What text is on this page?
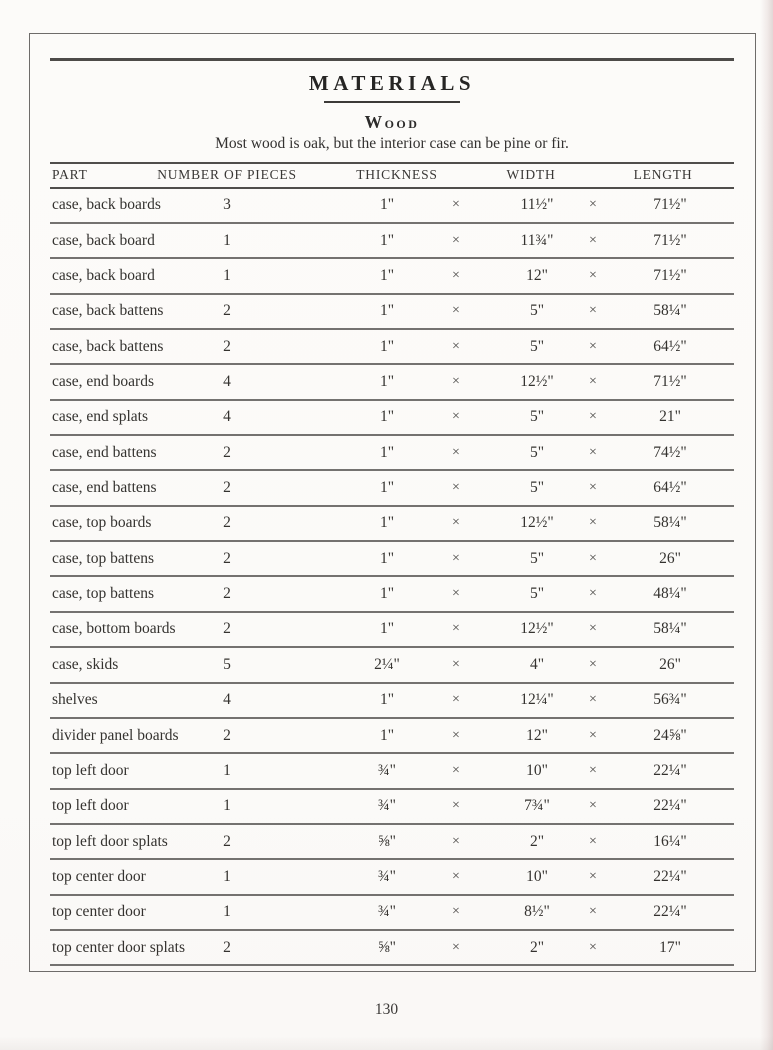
MATERIALS
Wood
Most wood is oak, but the interior case can be pine or fir.
PART	NUMBER OF PIECES	THICKNESS	WIDTH	LENGTH
case, back boards	3	1"	×	11½"	×	71½"
case, back board	1	1"	×	11¾"	×	71½"
case, back board	1	1"	×	12"	×	71½"
case, back battens	2	1"	×	5"	×	58¼"
case, back battens	2	1"	×	5"	×	64½"
case, end boards	4	1"	×	12½"	×	71½"
case, end splats	4	1"	×	5"	×	21"
case, end battens	2	1"	×	5"	×	74½"
case, end battens	2	1"	×	5"	×	64½"
case, top boards	2	1"	×	12½"	×	58¼"
case, top battens	2	1"	×	5"	×	26"
case, top battens	2	1"	×	5"	×	48¼"
case, bottom boards	2	1"	×	12½"	×	58¼"
case, skids	5	2¼"	×	4"	×	26"
shelves	4	1"	×	12¼"	×	56¾"
divider panel boards	2	1"	×	12"	×	24⅝"
top left door	1	¾"	×	10"	×	22¼"
top left door	1	¾"	×	7¾"	×	22¼"
top left door splats	2	⅝"	×	2"	×	16¼"
top center door	1	¾"	×	10"	×	22¼"
top center door	1	¾"	×	8½"	×	22¼"
top center door splats 2	⅝"	×	2"	×	17"
130
